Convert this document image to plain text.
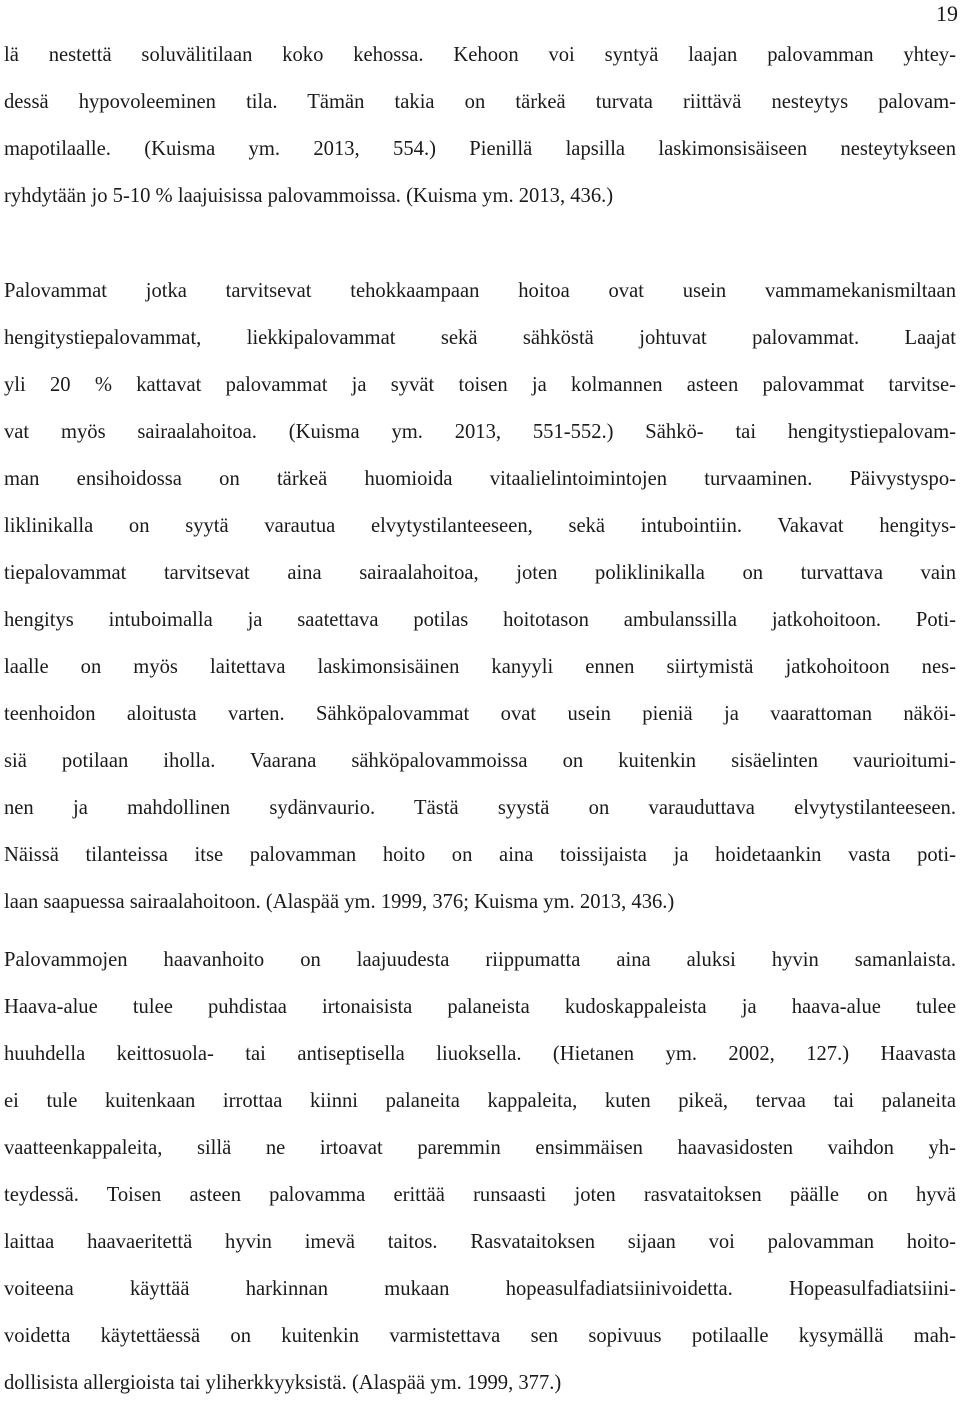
19
lä nestettä soluvälitilaan koko kehossa. Kehoon voi syntyä laajan palovamman yhtey-
dessä hypovoleeminen tila. Tämän takia on tärkeä turvata riittävä nesteytys palovam-
mapotilaalle. (Kuisma ym. 2013, 554.) Pienillä lapsilla laskimonsisäiseen nesteytykseen
ryhdytään jo 5-10 % laajuisissa palovammoissa. (Kuisma ym. 2013, 436.)
Palovammat jotka tarvitsevat tehokkaampaan hoitoa ovat usein vammamekanismiltaan
hengitystiepalovammat, liekkipalovammat sekä sähköstä johtuvat palovammat. Laajat
yli 20 % kattavat palovammat ja syvät toisen ja kolmannen asteen palovammat tarvitse-
vat myös sairaalahoitoa. (Kuisma ym. 2013, 551-552.) Sähkö- tai hengitystiepalovam-
man ensihoidossa on tärkeä huomioida vitaalielintoimintojen turvaaminen. Päivystyspo-
liklinikalla on syytä varautua elvytystilanteeseen, sekä intubointiin. Vakavat hengitys-
tiepalovammat tarvitsevat aina sairaalahoitoa, joten poliklinikalla on turvattava vain
hengitys intuboimalla ja saatettava potilas hoitotason ambulanssilla jatkohoitoon. Poti-
laalle on myös laitettava laskimonsisäinen kanyyli ennen siirtymistä jatkohoitoon nes-
teenhoidon aloitusta varten. Sähköpalovammat ovat usein pieniä ja vaarattoman näköi-
siä potilaan iholla. Vaarana sähköpalovammoissa on kuitenkin sisäelinten vaurioitumi-
nen ja mahdollinen sydänvaurio. Tästä syystä on varauduttava elvytystilanteeseen.
Näissä tilanteissa itse palovamman hoito on aina toissijaista ja hoidetaankin vasta poti-
laan saapuessa sairaalahoitoon. (Alaspää ym. 1999, 376; Kuisma ym. 2013, 436.)
Palovammojen haavanhoito on laajuudesta riippumatta aina aluksi hyvin samanlaista.
Haava-alue tulee puhdistaa irtonaisista palaneista kudoskappaleista ja haava-alue tulee
huuhdella keittosuola- tai antiseptisella liuoksella. (Hietanen ym. 2002, 127.) Haavasta
ei tule kuitenkaan irrottaa kiinni palaneita kappaleita, kuten pikeä, tervaa tai palaneita
vaatteenkappaleita, sillä ne irtoavat paremmin ensimmäisen haavasidosten vaihdon yh-
teydessä. Toisen asteen palovamma erittää runsaasti joten rasvataitoksen päälle on hyvä
laittaa haavaeritettä hyvin imevä taitos. Rasvataitoksen sijaan voi palovamman hoito-
voiteena käyttää harkinnan mukaan hopeasulfadiatsiinivoidetta. Hopeasulfadiatsiini-
voidetta käytettäessä on kuitenkin varmistettava sen sopivuus potilaalle kysymällä mah-
dollisista allergioista tai yliherkkyyksistä. (Alaspää ym. 1999, 377.)
